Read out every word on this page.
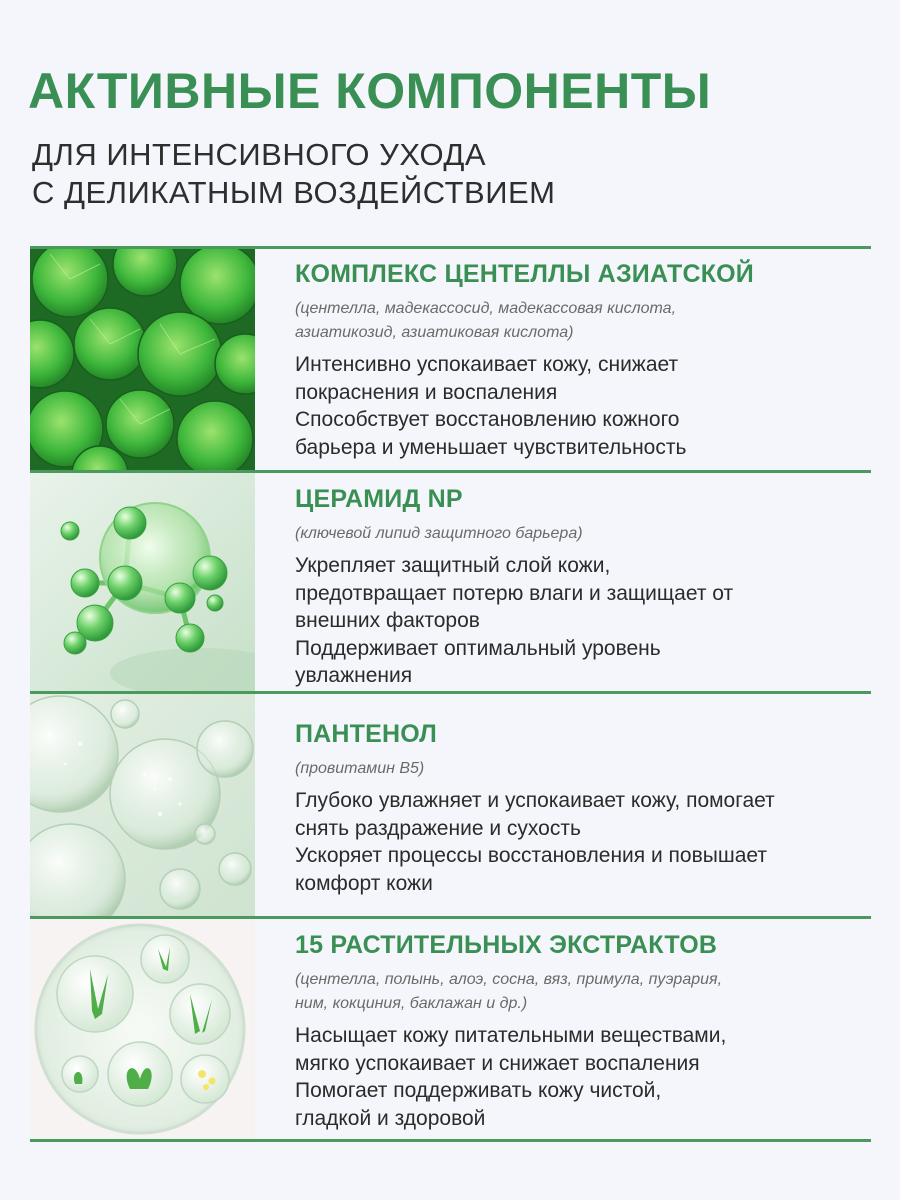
АКТИВНЫЕ КОМПОНЕНТЫ
ДЛЯ ИНТЕНСИВНОГО УХОДА
С ДЕЛИКАТНЫМ ВОЗДЕЙСТВИЕМ
КОМПЛЕКС ЦЕНТЕЛЛЫ АЗИАТСКОЙ
(центелла, мадекассосид, мадекассовая кислота,
азиатикозид, азиатиковая кислота)
Интенсивно успокаивает кожу, снижает
покраснения и воспаления
Способствует восстановлению кожного
барьера и уменьшает чувствительность
ЦЕРАМИД NP
(ключевой липид защитного барьера)
Укрепляет защитный слой кожи,
предотвращает потерю влаги и защищает от
внешних факторов
Поддерживает оптимальный уровень
увлажнения
ПАНТЕНОЛ
(провитамин В5)
Глубоко увлажняет и успокаивает кожу, помогает
снять раздражение и сухость
Ускоряет процессы восстановления и повышает
комфорт кожи
15 РАСТИТЕЛЬНЫХ ЭКСТРАКТОВ
(центелла, полынь, алоэ, сосна, вяз, примула, пуэрария,
ним, кокциния, баклажан и др.)
Насыщает кожу питательными веществами,
мягко успокаивает и снижает воспаления
Помогает поддерживать кожу чистой,
гладкой и здоровой
